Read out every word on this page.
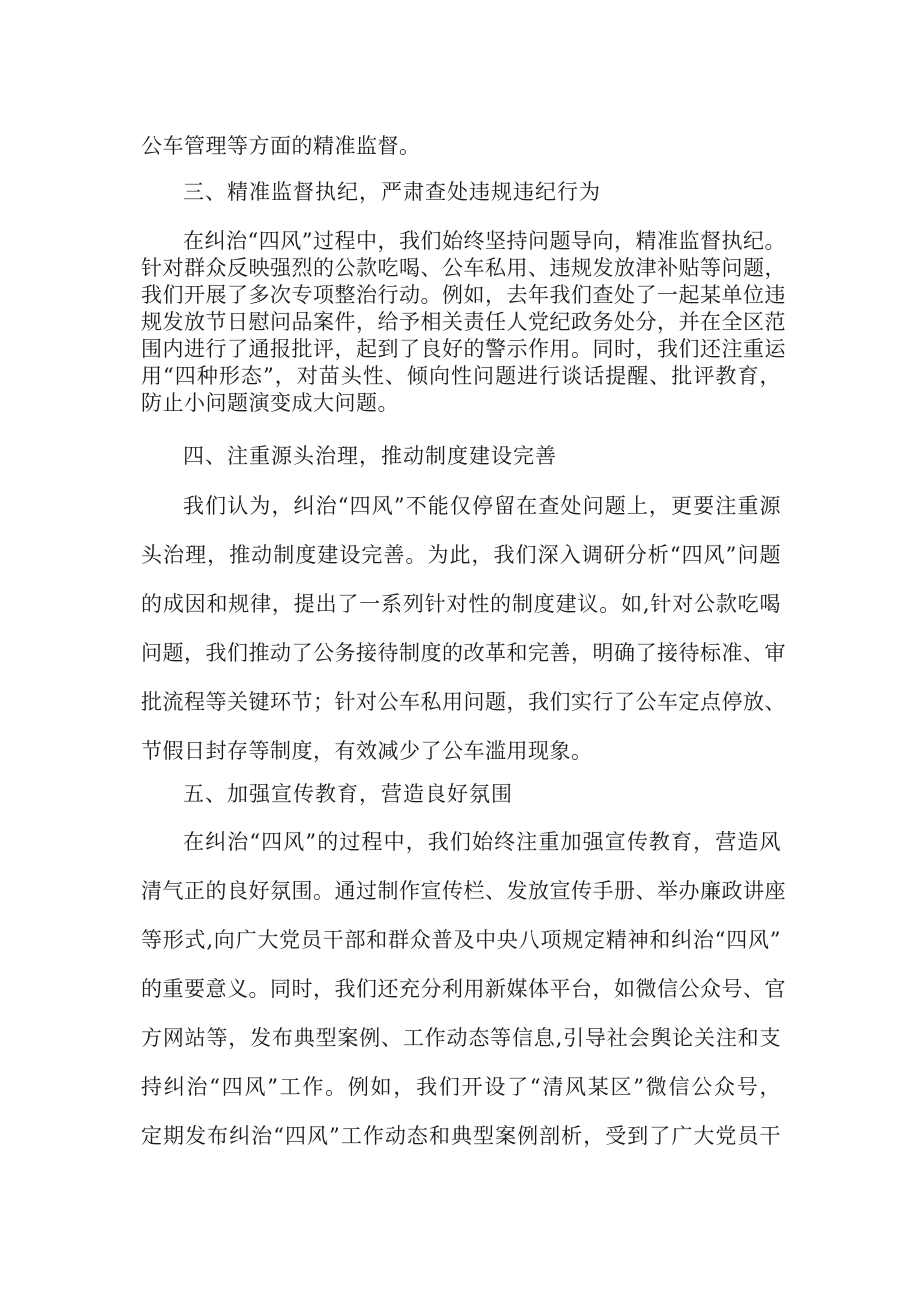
公车管理等方面的精准监督。
三、精准监督执纪，严肃查处违规违纪行为
在纠治“四风”过程中，我们始终坚持问题导向，精准监督执纪。
针对群众反映强烈的公款吃喝、公车私用、违规发放津补贴等问题，
我们开展了多次专项整治行动。例如，去年我们查处了一起某单位违
规发放节日慰问品案件，给予相关责任人党纪政务处分，并在全区范
围内进行了通报批评，起到了良好的警示作用。同时，我们还注重运
用“四种形态”，对苗头性、倾向性问题进行谈话提醒、批评教育，
防止小问题演变成大问题。
四、注重源头治理，推动制度建设完善
我们认为，纠治“四风”不能仅停留在查处问题上，更要注重源
头治理，推动制度建设完善。为此，我们深入调研分析“四风”问题
的成因和规律，提出了一系列针对性的制度建议。如,针对公款吃喝
问题，我们推动了公务接待制度的改革和完善，明确了接待标准、审
批流程等关键环节；针对公车私用问题，我们实行了公车定点停放、
节假日封存等制度，有效减少了公车滥用现象。
五、加强宣传教育，营造良好氛围
在纠治“四风”的过程中，我们始终注重加强宣传教育，营造风
清气正的良好氛围。通过制作宣传栏、发放宣传手册、举办廉政讲座
等形式,向广大党员干部和群众普及中央八项规定精神和纠治“四风”
的重要意义。同时，我们还充分利用新媒体平台，如微信公众号、官
方网站等，发布典型案例、工作动态等信息,引导社会舆论关注和支
持纠治“四风”工作。例如，我们开设了“清风某区”微信公众号，
定期发布纠治“四风”工作动态和典型案例剖析，受到了广大党员干
